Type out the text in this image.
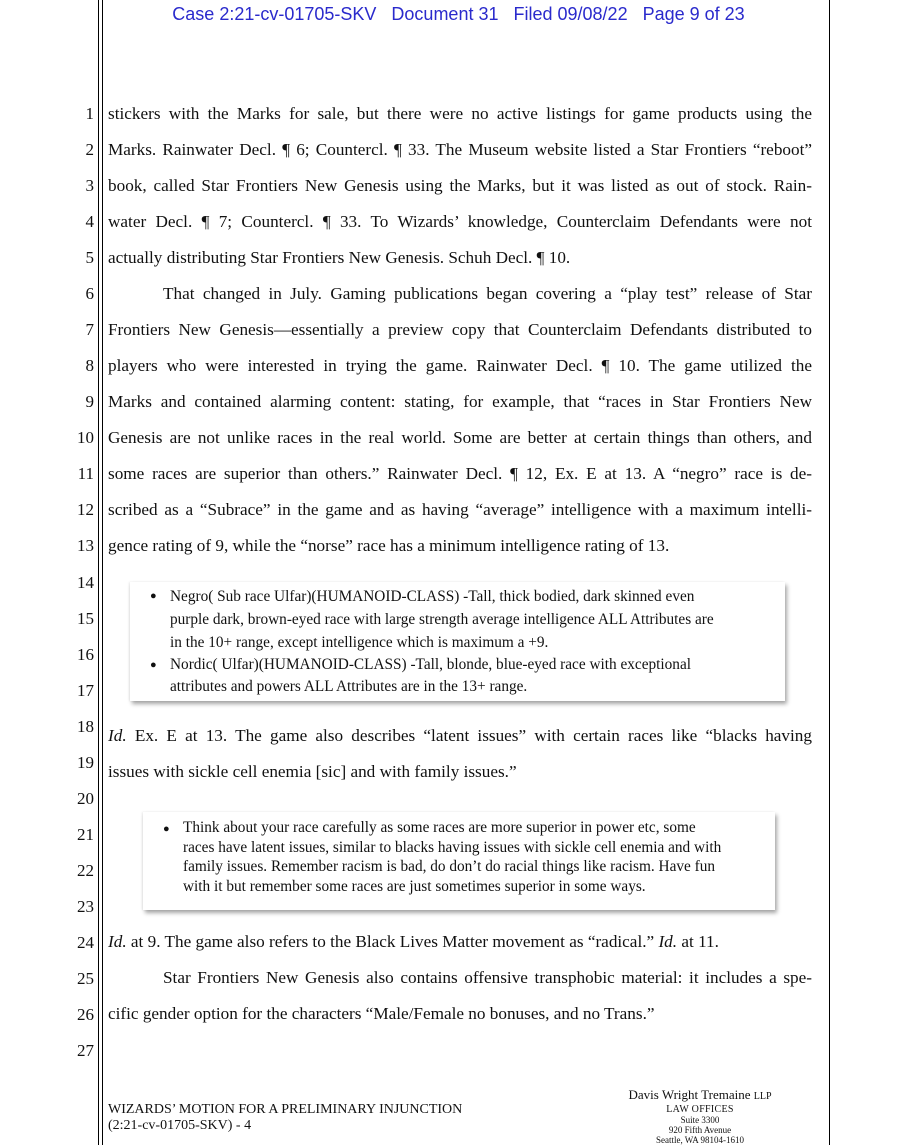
Case 2:21-cv-01705-SKV Document 31 Filed 09/08/22 Page 9 of 23
1
2
3
4
5
6
7
8
9
10
11
12
13
14
15
16
17
18
19
20
21
22
23
24
25
26
27
stickers with the Marks for sale, but there were no active listings for game products using the
Marks. Rainwater Decl. ¶ 6; Countercl. ¶ 33. The Museum website listed a Star Frontiers “reboot”
book, called Star Frontiers New Genesis using the Marks, but it was listed as out of stock. Rain-
water Decl. ¶ 7; Countercl. ¶ 33. To Wizards’ knowledge, Counterclaim Defendants were not
actually distributing Star Frontiers New Genesis. Schuh Decl. ¶ 10.
That changed in July. Gaming publications began covering a “play test” release of Star
Frontiers New Genesis—essentially a preview copy that Counterclaim Defendants distributed to
players who were interested in trying the game. Rainwater Decl. ¶ 10. The game utilized the
Marks and contained alarming content: stating, for example, that “races in Star Frontiers New
Genesis are not unlike races in the real world. Some are better at certain things than others, and
some races are superior than others.” Rainwater Decl. ¶ 12, Ex. E at 13. A “negro” race is de-
scribed as a “Subrace” in the game and as having “average” intelligence with a maximum intelli-
gence rating of 9, while the “norse” race has a minimum intelligence rating of 13.
● Negro( Sub race Ulfar)(HUMANOID-CLASS) -Tall, thick bodied, dark skinned even
purple dark, brown-eyed race with large strength average intelligence ALL Attributes are
in the 10+ range, except intelligence which is maximum a +9.
● Nordic( Ulfar)(HUMANOID-CLASS) -Tall, blonde, blue-eyed race with exceptional
attributes and powers ALL Attributes are in the 13+ range.
Id. Ex. E at 13. The game also describes “latent issues” with certain races like “blacks having
issues with sickle cell enemia [sic] and with family issues.”
● Think about your race carefully as some races are more superior in power etc, some
races have latent issues, similar to blacks having issues with sickle cell enemia and with
family issues. Remember racism is bad, do don’t do racial things like racism. Have fun
with it but remember some races are just sometimes superior in some ways.
Id. at 9. The game also refers to the Black Lives Matter movement as “radical.” Id. at 11.
Star Frontiers New Genesis also contains offensive transphobic material: it includes a spe-
cific gender option for the characters “Male/Female no bonuses, and no Trans.”
WIZARDS’ MOTION FOR A PRELIMINARY INJUNCTION
(2:21-cv-01705-SKV) - 4
Davis Wright Tremaine LLP
LAW OFFICES
Suite 3300
920 Fifth Avenue
Seattle, WA 98104-1610
